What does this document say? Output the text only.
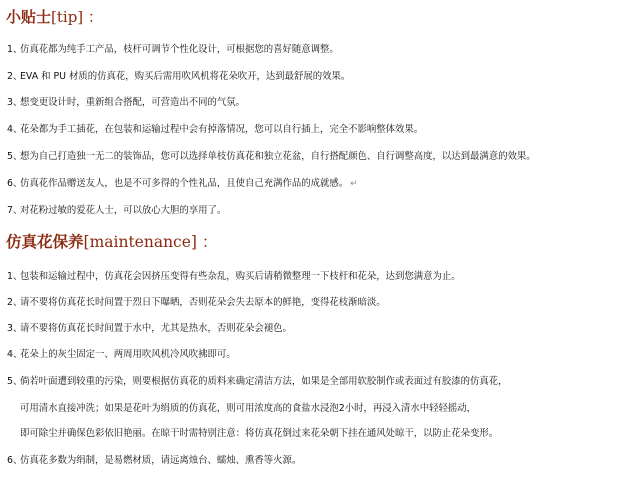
小贴士[tip] ：
1、仿真花都为纯手工产品，枝杆可调节个性化设计，可根据您的喜好随意调整。
2、EVA 和 PU 材质的仿真花，购买后需用吹风机将花朵吹开，达到最舒展的效果。
3、想变更设计时，重新组合搭配，可营造出不同的气氛。
4、花朵都为手工插花，在包装和运输过程中会有掉落情况，您可以自行插上，完全不影响整体效果。
5、想为自己打造独一无二的装饰品，您可以选择单枝仿真花和独立花盆，自行搭配颜色、自行调整高度，以达到最满意的效果。
6、仿真花作品赠送友人，也是不可多得的个性礼品，且使自己充满作品的成就感。 ↵
7、对花粉过敏的爱花人士，可以放心大胆的享用了。
仿真花保养[maintenance] ：
1、包装和运输过程中，仿真花会因挤压变得有些杂乱，购买后请稍微整理一下枝杆和花朵，达到您满意为止。
2、请不要将仿真花长时间置于烈日下曝晒，否则花朵会失去原本的鲜艳，变得花枝渐暗淡。
3、请不要将仿真花长时间置于水中，尤其是热水，否则花朵会褪色。
4、花朵上的灰尘固定一、两周用吹风机冷风吹拂即可。
5、倘若叶面遭到较重的污染，则要根据仿真花的质料来确定清洁方法，如果是全部用软胶制作或表面过有胶漆的仿真花，
可用清水直接冲洗；如果是花叶为绢质的仿真花，则可用浓度高的食盐水浸泡2小时，再浸入清水中轻轻摇动，
即可除尘并确保色彩依旧艳丽。在晾干时需特别注意：将仿真花倒过来花朵朝下挂在通风处晾干，以防止花朵变形。
6、仿真花多数为绢制，是易燃材质，请远离烛台、蠕烛、熏香等火源。
